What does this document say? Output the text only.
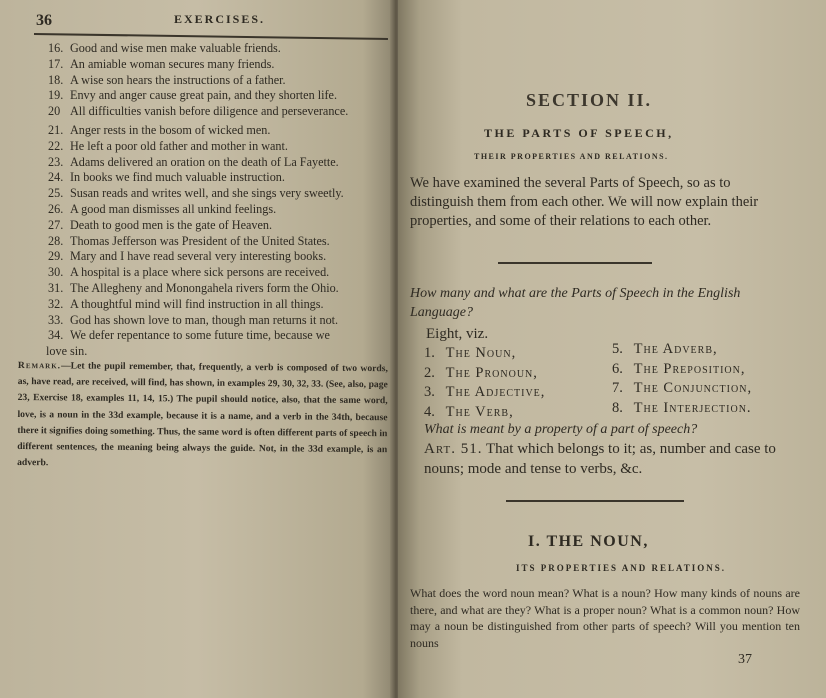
36	EXERCISES.
16. Good and wise men make valuable friends.
17. An amiable woman secures many friends.
18. A wise son hears the instructions of a father.
19. Envy and anger cause great pain, and they shorten life.
20 All difficulties vanish before diligence and perseverance.
21. Anger rests in the bosom of wicked men.
22. He left a poor old father and mother in want.
23. Adams delivered an oration on the death of La Fayette.
24. In books we find much valuable instruction.
25. Susan reads and writes well, and she sings very sweetly.
26. A good man dismisses all unkind feelings.
27. Death to good men is the gate of Heaven.
28. Thomas Jefferson was President of the United States.
29. Mary and I have read several very interesting books.
30. A hospital is a place where sick persons are received.
31. The Allegheny and Monongahela rivers form the Ohio.
32. A thoughtful mind will find instruction in all things.
33. God has shown love to man, though man returns it not.
34. We defer repentance to some future time, because we
love sin.
Remark.—Let the pupil remember, that, frequently, a verb is composed of two words, as, have read, are received, will find, has shown, in examples 29, 30, 32, 33. (See, also, page 23, Exercise 18, examples 11, 14, 15.) The pupil should notice, also, that the same word, love, is a noun in the 33d example, because it is a name, and a verb in the 34th, because there it signifies doing something. Thus, the same word is often different parts of speech in different sentences, the meaning being always the guide. Not, in the 33d example, is an adverb.
SECTION II.
THE PARTS OF SPEECH,
THEIR PROPERTIES AND RELATIONS.
We have examined the several Parts of Speech, so as to distinguish them from each other. We will now explain their properties, and some of their relations to each other.
How many and what are the Parts of Speech in the English Language?
Eight, viz.
1. The Noun,
2. The Pronoun,
3. The Adjective,
4. The Verb,
5. The Adverb,
6. The Preposition,
7. The Conjunction,
8. The Interjection.
What is meant by a property of a part of speech?
Art. 51. That which belongs to it; as, number and case to nouns; mode and tense to verbs, &c.
I. THE NOUN,
ITS PROPERTIES AND RELATIONS.
What does the word noun mean? What is a noun? How many kinds of nouns are there, and what are they? What is a proper noun? What is a common noun? How may a noun be distinguished from other parts of speech? Will you mention ten nouns
37
